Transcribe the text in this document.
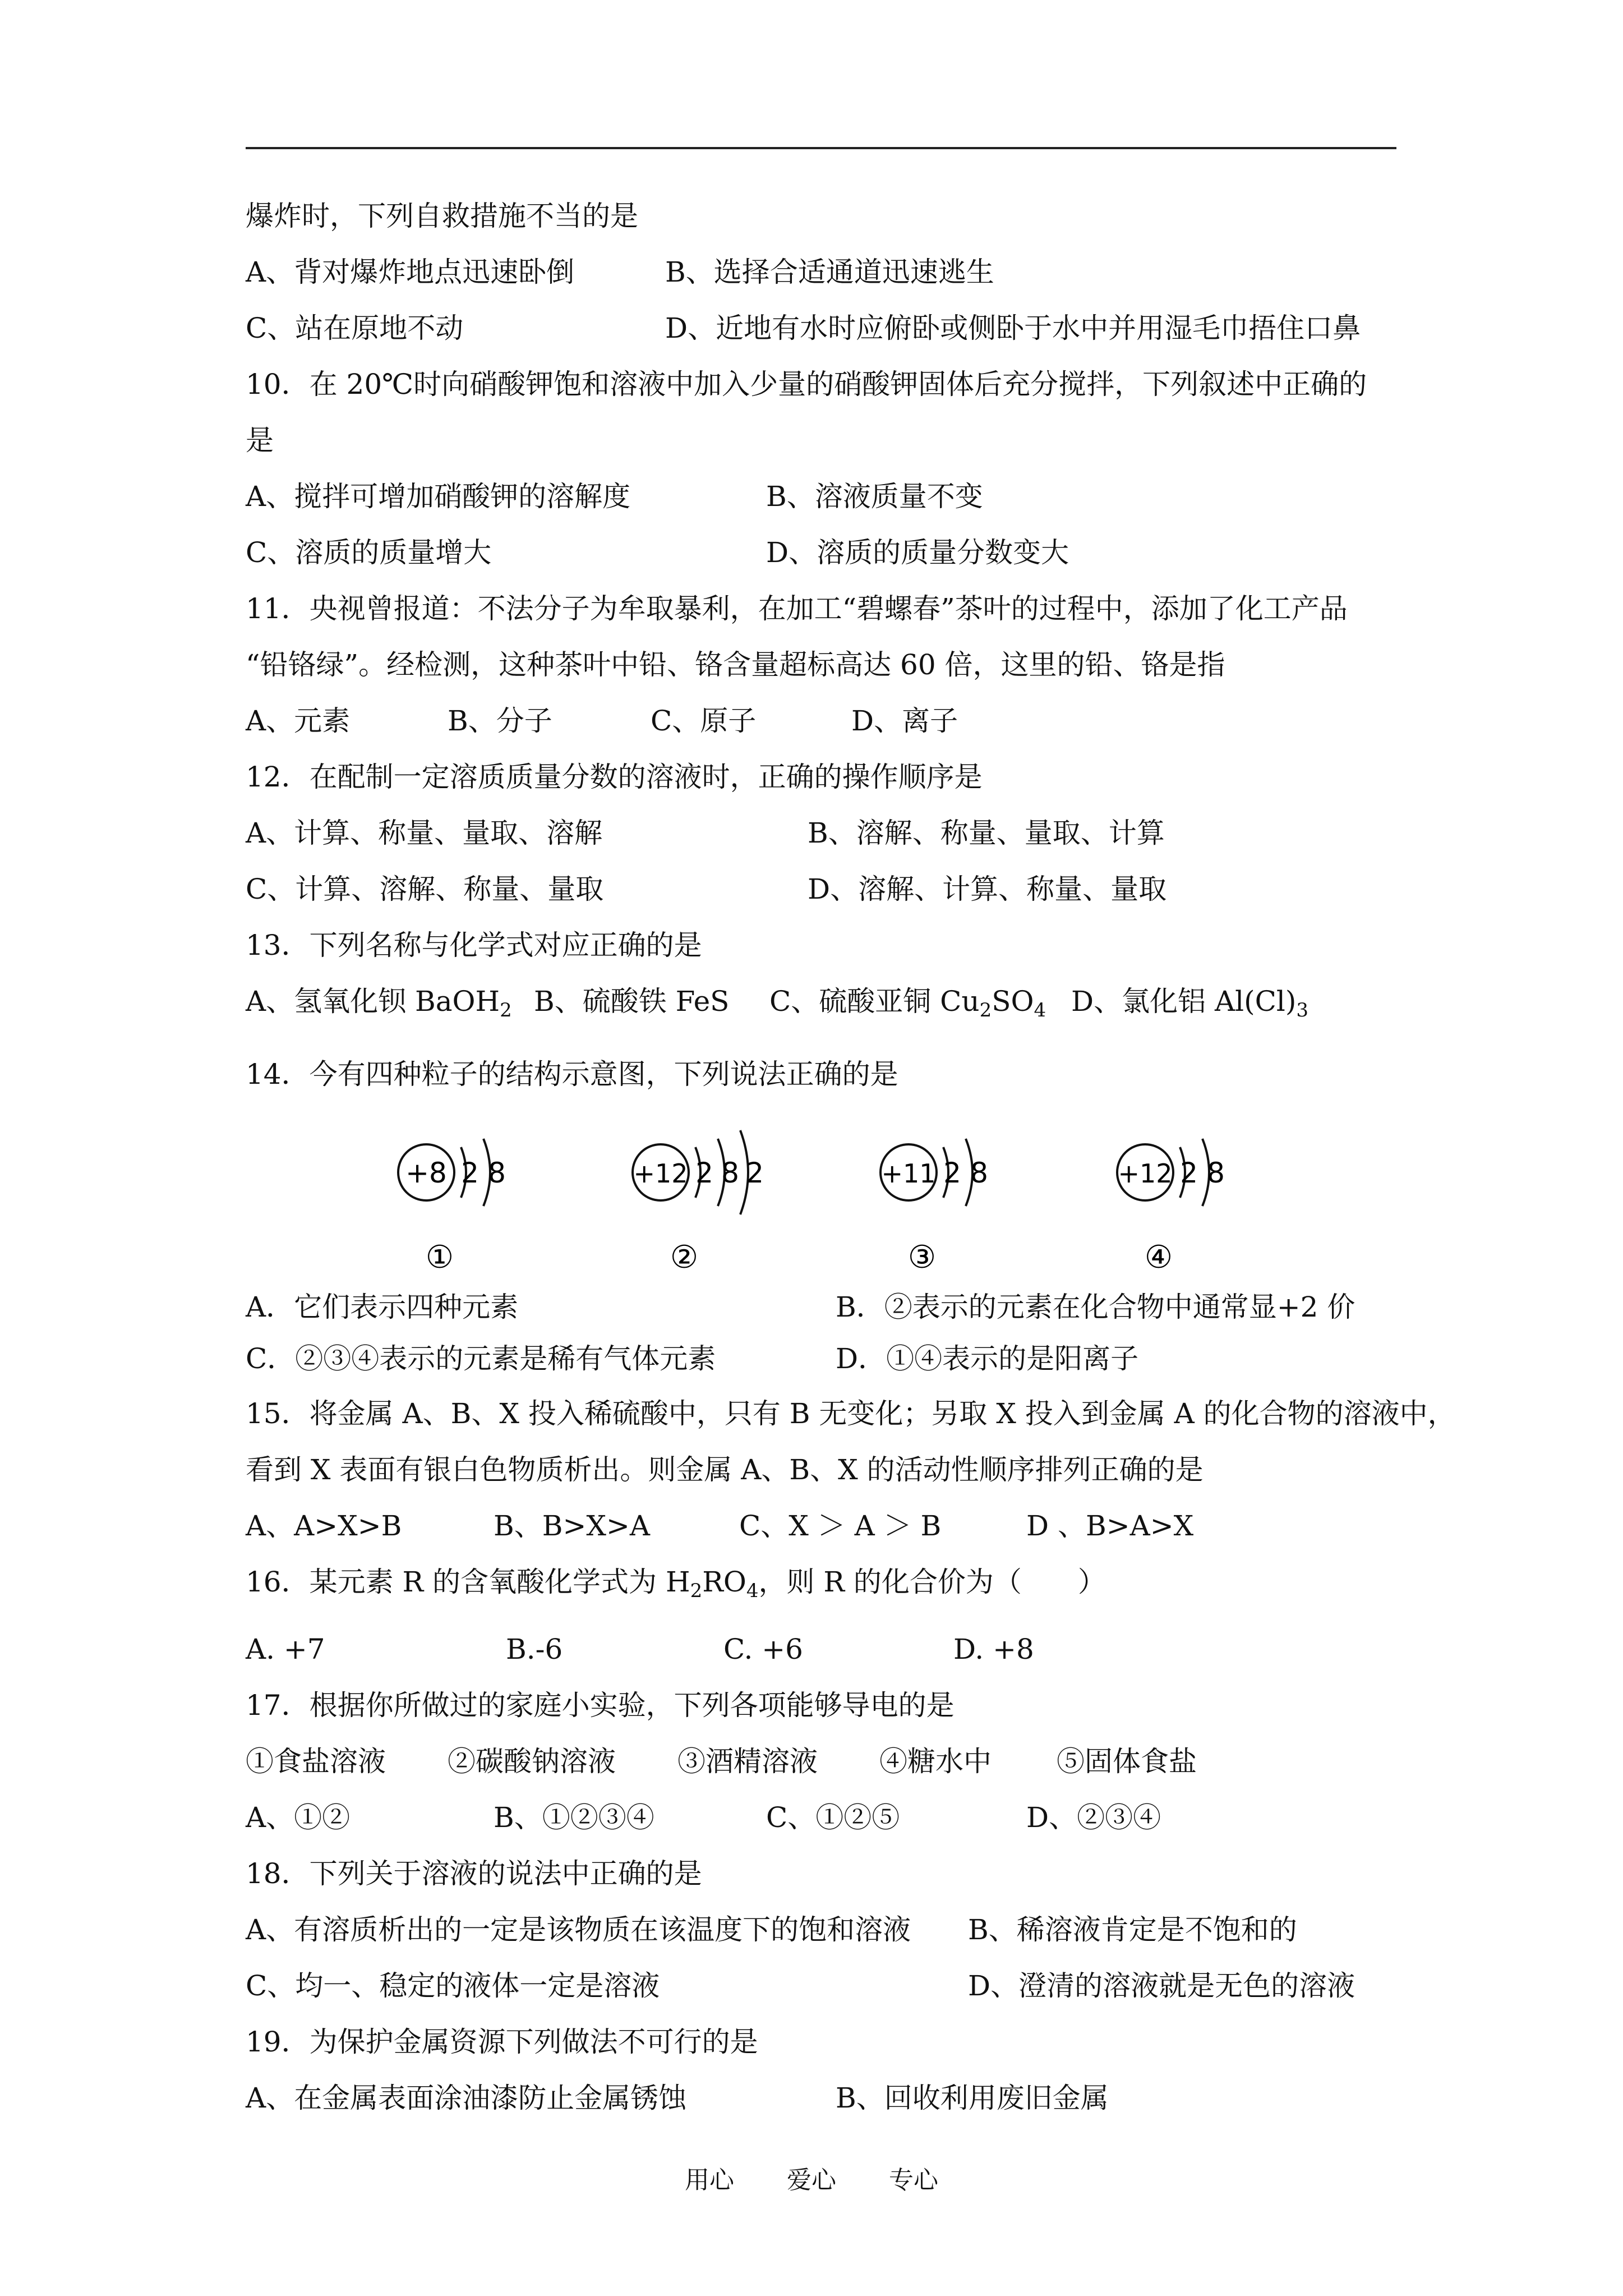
爆炸时，下列自救措施不当的是
A、背对爆炸地点迅速卧倒	B、选择合适通道迅速逃生
C、站在原地不动	D、近地有水时应俯卧或侧卧于水中并用湿毛巾捂住口鼻
10．在 20℃时向硝酸钾饱和溶液中加入少量的硝酸钾固体后充分搅拌，下列叙述中正确的
是
A、搅拌可增加硝酸钾的溶解度	B、溶液质量不变
C、溶质的质量增大	D、溶质的质量分数变大
11．央视曾报道：不法分子为牟取暴利，在加工“碧螺春”茶叶的过程中，添加了化工产品
“铅铬绿”。经检测，这种茶叶中铅、铬含量超标高达 60 倍，这里的铅、铬是指
A、元素	B、分子	C、原子	D、离子
12．在配制一定溶质质量分数的溶液时，正确的操作顺序是
A、计算、称量、量取、溶解	B、溶解、称量、量取、计算
C、计算、溶解、称量、量取	D、溶解、计算、称量、量取
13．下列名称与化学式对应正确的是
A、氢氧化钡 BaOH$_2$ B、硫酸铁 FeS C、硫酸亚铜 $Cu_2SO_4$ D、氯化铝 $Al(Cl)_3$
14．今有四种粒子的结构示意图，下列说法正确的是
+8 2 8
①
+12 2 8 2
②
+11 2 8
③
+12 2 8
④
A．它们表示四种元素	B．②表示的元素在化合物中通常显+2 价
C．②③④表示的元素是稀有气体元素	D．①④表示的是阳离子
15．将金属 A、B、X 投入稀硫酸中，只有 B 无变化；另取 X 投入到金属 A 的化合物的溶液中，
看到 X 表面有银白色物质析出。则金属 A、B、X 的活动性顺序排列正确的是
A、A>X>B	B、B>X>A	C、X ＞ A ＞ B	D 、B>A>X
16．某元素 R 的含氧酸化学式为 $H_2RO_4$，则 R 的化合价为（　　）
A. +7	B.-6	C. +6	D. +8
17．根据你所做过的家庭小实验，下列各项能够导电的是
①食盐溶液 ②碳酸钠溶液 ③酒精溶液 ④糖水中 ⑤固体食盐
A、①②	B、①②③④	C、①②⑤	D、②③④
18．下列关于溶液的说法中正确的是
A、有溶质析出的一定是该物质在该温度下的饱和溶液 B、稀溶液肯定是不饱和的
C、均一、稳定的液体一定是溶液	D、澄清的溶液就是无色的溶液
19．为保护金属资源下列做法不可行的是
A、在金属表面涂油漆防止金属锈蚀	B、回收利用废旧金属
用心 爱心 专心
